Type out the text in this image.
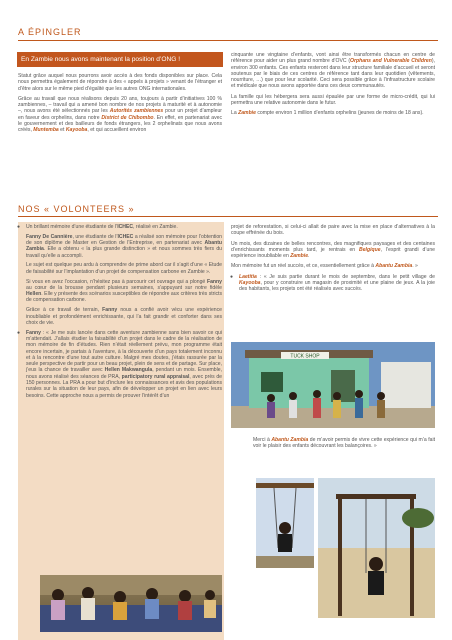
A ÉPINGLER
En Zambie nous avons maintenant la position d’ONG !

Statut grâce auquel nous pourrons avoir accès à des fonds disponibles sur place. Cela nous permettra également de répondre à des « appels à projets » venant de l’étranger et d’être alors sur le même pied d’égalité que les autres ONG internationales.

Grâce au travail que nous réalisons depuis 20 ans, toujours à partir d’initiatives 100 % zambiennes, – travail qui a amené bon nombre de nos projets à maturité et à autonomie –, nous avons été sélectionnés par les Autorités zambiennes pour un projet d’ampleur en faveur des orphelins, dans notre District de Chibombo. En effet, en partenariat avec le gouvernement et des bailleurs de fonds étrangers, les 2 orphelinats que nous avons créés, Muntemba et Kayooba, et qui accueillent environ

cinquante une vingtaine d’enfants, vont ainsi être transformés chacun en centre de référence pour aider un plus grand nombre d’OVC (Orphans and Vulnerable Children), environ 300 enfants. Ces enfants resteront dans leur structure familiale d’accueil et seront soutenus par le biais de ces centres de référence tant dans leur quotidien (vêtements, nourriture, …) que pour leur scolarité. Ceci sera possible grâce à l’infrastructure scolaire et médicale que nous avons apportée dans ces deux communautés.

La famille qui les hébergera sera aussi épaulée par une forme de micro-crédit, qui lui permettra une relative autonomie dans le futur.

La Zambie compte environ 1 million d’enfants orphelins (jeunes de moins de 18 ans).

NOS « VOLONTEERS »

● Un brillant mémoire d’une étudiante de l’ICHEC, réalisé en Zambie.

Fanny De Cannière, une étudiante de l’ICHEC a réalisé son mémoire pour l’obtention de son diplôme de Master en Gestion de l’Entreprise, en partenariat avec Abantu Zambia. Elle a obtenu « la plus grande distinction » et nous sommes très fiers du travail qu’elle a accompli.

Le sujet est quelque peu ardu à comprendre de prime abord car il s’agit d’une « Etude de faisabilité sur l’implantation d’un projet de compensation carbone en Zambie ».

Si vous en avez l’occasion, n’hésitez pas à parcourir cet ouvrage qui a plongé Fanny au cœur de la brousse pendant plusieurs semaines, s’appuyant sur notre fidèle Hellen. Elle y présente des scénarios susceptibles de répondre aux critères très stricts de compensation carbone.

Grâce à ce travail de terrain, Fanny nous a confié avoir vécu une expérience inoubliable et profondément enrichissante, qui l’a fait grandir et conforter dans ses choix de vie.

● Fanny : « Je me suis lancée dans cette aventure zambienne sans bien savoir ce qui m’attendait. J’allais étudier la faisabilité d’un projet dans le cadre de la réalisation de mon mémoire de fin d’études. Rien n’était réellement prévu, mon programme était encore incertain, je partais à l’aventure, à la découverte d’un pays totalement inconnu et à la rencontre d’une tout autre culture. Malgré mes doutes, j’étais rassurée par la seule perspective de partir pour un beau projet, plein de sens et de partage. Sur place, j’eus la chance de travailler avec Hellen Makwangula, pendant un mois. Ensemble, nous avons réalisé des séances de PRA, participatory rural appraisal, avec près de 150 personnes. La PRA a pour but d’inclure les connaissances et avis des populations rurales sur la situation de leur pays, afin de développer un projet en lien avec leurs besoins. Cette approche nous a permis de prouver l’intérêt d’un

projet de reforestation, si celui-ci allait de paire avec la mise en place d’alternatives à la coupe effrénée du bois.

Un mois, des dizaines de belles rencontres, des magnifiques paysages et des centaines d’enrichissants moments plus tard, je rentrais en Belgique, l’esprit grandi d’une expérience inoubliable en Zambie.

Mon mémoire fut un réel succès, et ce, essentiellement grâce à Abantu Zambia. »

● Laetitia : « Je suis partie durant le mois de septembre, dans le petit village de Kayooba, pour y construire un magasin de proximité et une plaine de jeux. A la joie des habitants, les projets ont été réalisés avec succès.

TUCK SHOP

Merci à Abantu Zambia de m’avoir permis de vivre cette expérience qui m’a fait voir le plaisir des enfants découvrant les balançoires. »
